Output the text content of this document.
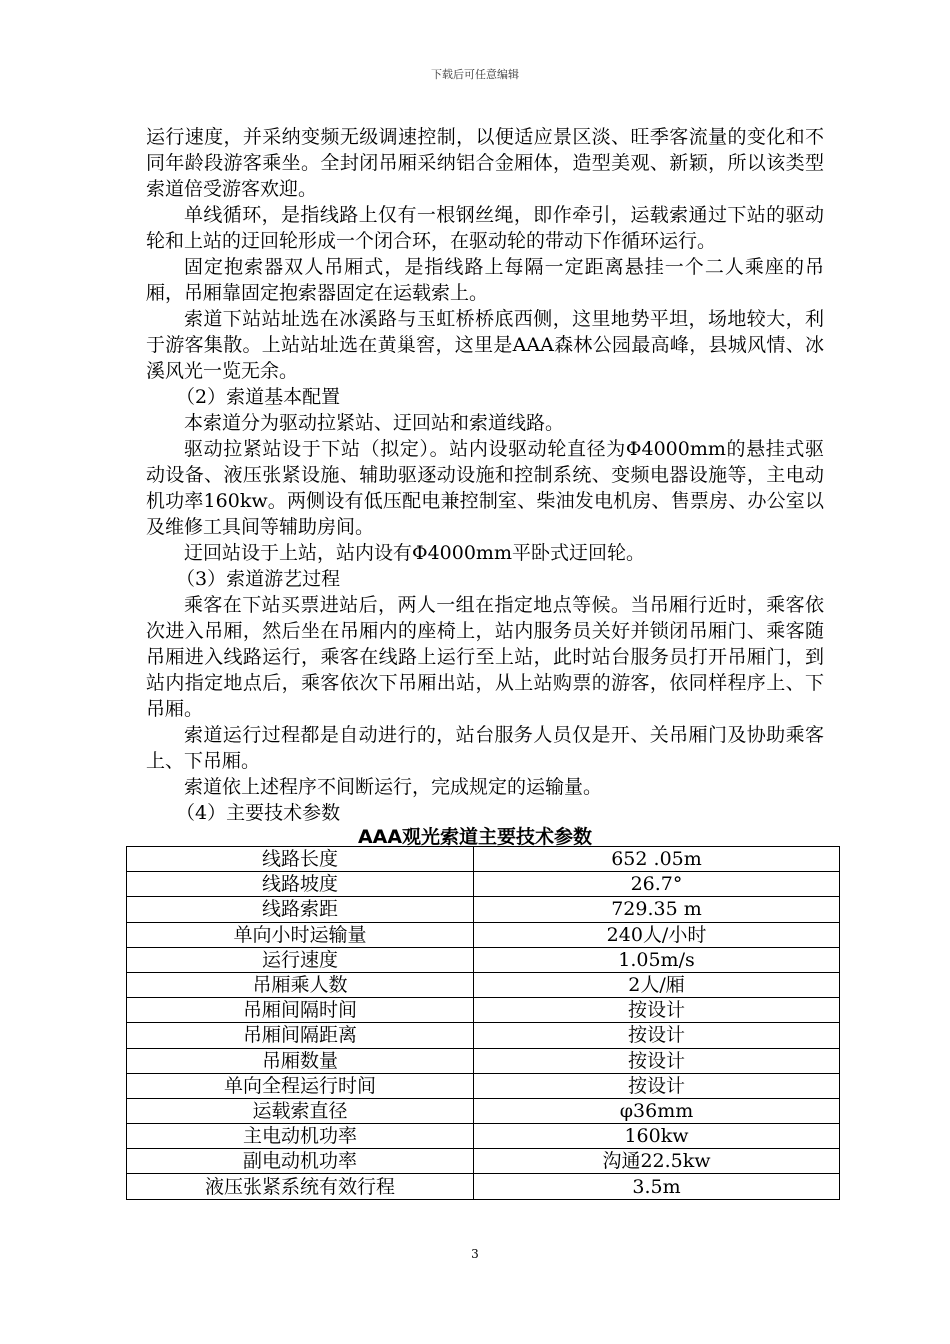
下载后可任意编辑

运行速度，并采纳变频无级调速控制，以便适应景区淡、旺季客流量的变化和不同年龄段游客乘坐。全封闭吊厢采纳铝合金厢体，造型美观、新颖，所以该类型索道倍受游客欢迎。

单线循环，是指线路上仅有一根钢丝绳，即作牵引，运载索通过下站的驱动轮和上站的迂回轮形成一个闭合环，在驱动轮的带动下作循环运行。

固定抱索器双人吊厢式，是指线路上每隔一定距离悬挂一个二人乘座的吊厢，吊厢靠固定抱索器固定在运载索上。

索道下站站址选在冰溪路与玉虹桥桥底西侧，这里地势平坦，场地较大，利于游客集散。上站站址选在黄巢窖，这里是AAA森林公园最高峰，县城风情、冰溪风光一览无余。

（2）索道基本配置

本索道分为驱动拉紧站、迂回站和索道线路。

驱动拉紧站设于下站（拟定）。站内设驱动轮直径为Φ4000mm的悬挂式驱动设备、液压张紧设施、辅助驱逐动设施和控制系统、变频电器设施等，主电动机功率160kw。两侧设有低压配电兼控制室、柴油发电机房、售票房、办公室以及维修工具间等辅助房间。

迂回站设于上站，站内设有Φ4000mm平卧式迂回轮。

（3）索道游艺过程

乘客在下站买票进站后，两人一组在指定地点等候。当吊厢行近时，乘客依次进入吊厢，然后坐在吊厢内的座椅上，站内服务员关好并锁闭吊厢门、乘客随吊厢进入线路运行，乘客在线路上运行至上站，此时站台服务员打开吊厢门，到站内指定地点后，乘客依次下吊厢出站，从上站购票的游客，依同样程序上、下吊厢。

索道运行过程都是自动进行的，站台服务人员仅是开、关吊厢门及协助乘客上、下吊厢。

索道依上述程序不间断运行，完成规定的运输量。

（4）主要技术参数

AAA观光索道主要技术参数
线路长度	652 .05m
线路坡度	26.7°
线路索距	729.35 m
单向小时运输量	240人/小时
运行速度	1.05m/s
吊厢乘人数	2人/厢
吊厢间隔时间	按设计
吊厢间隔距离	按设计
吊厢数量	按设计
单向全程运行时间	按设计
运载索直径	φ36mm
主电动机功率	160kw
副电动机功率	沟通22.5kw
液压张紧系统有效行程	3.5m
3
